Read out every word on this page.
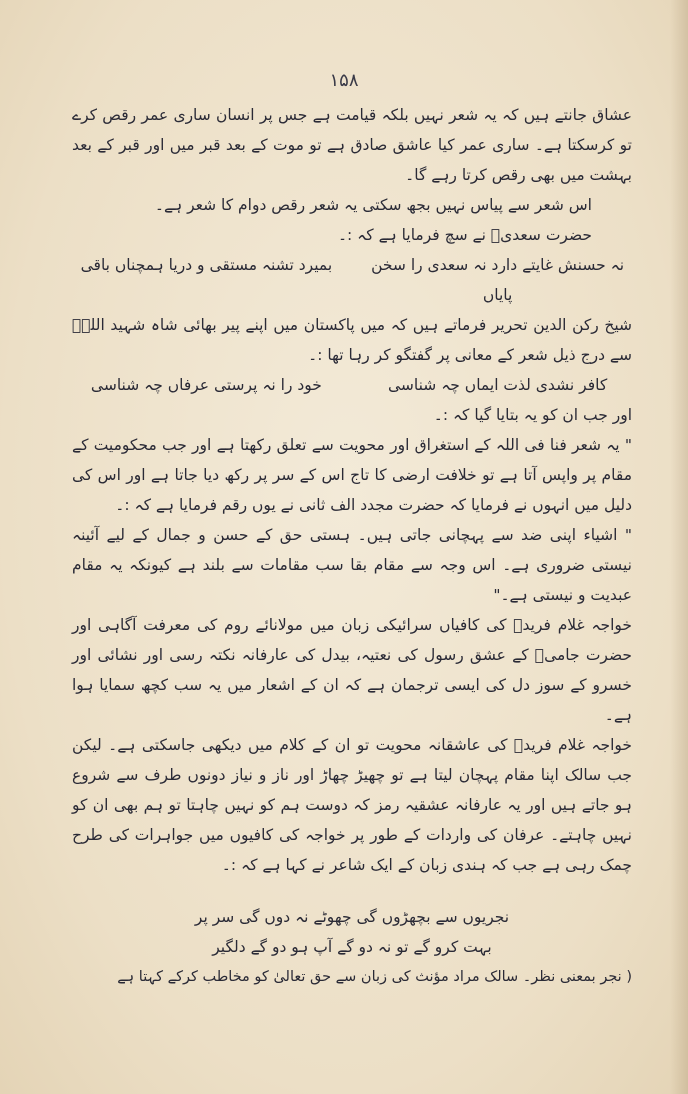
۱۵۸

عشاق جانتے ہیں کہ یہ شعر نہیں بلکہ قیامت ہے جس پر انسان ساری عمر رقص کرے تو کرسکتا ہے۔ ساری عمر کیا عاشق صادق ہے تو موت کے بعد قبر میں اور قبر کے بعد بہشت میں بھی رقص کرتا رہے گا۔

اس شعر سے پیاس نہیں بجھ سکتی یہ شعر رقص دوام کا شعر ہے۔

حضرت سعدیؒ نے سچ فرمایا ہے کہ :۔

نہ حسنش غایتے دارد نہ سعدی را سخن پایاں
بمیرد تشنہ مستقی و دریا ہمچناں باقی

شیخ رکن الدین تحریر فرماتے ہیں کہ میں پاکستان میں اپنے پیر بھائی شاہ شہید اللہؒ سے درج ذیل شعر کے معانی پر گفتگو کر رہا تھا :۔

کافر نشدی لذت ایماں چہ شناسی
خود را نہ پرستی عرفاں چہ شناسی

اور جب ان کو یہ بتایا گیا کہ :۔

" یہ شعر فنا فی اللہ کے استغراق اور محویت سے تعلق رکھتا ہے اور جب محکومیت کے مقام پر واپس آتا ہے تو خلافت ارضی کا تاج اس کے سر پر رکھ دیا جاتا ہے اور اس کی دلیل میں انہوں نے فرمایا کہ حضرت مجدد الف ثانی نے یوں رقم فرمایا ہے کہ :۔

" اشیاء اپنی ضد سے پہچانی جاتی ہیں۔ ہستی حق کے حسن و جمال کے لیے آئینہ نیستی ضروری ہے۔ اس وجہ سے مقام بقا سب مقامات سے بلند ہے کیونکہ یہ مقام عبدیت و نیستی ہے۔"

خواجہ غلام فریدؒ کی کافیاں سرائیکی زبان میں مولانائے روم کی معرفت آگاہی اور حضرت جامیؒ کے عشق رسول کی نعتیہ، بیدل کی عارفانہ نکتہ رسی اور نشائی اور خسرو کے سوز دل کی ایسی ترجمان ہے کہ ان کے اشعار میں یہ سب کچھ سمایا ہوا ہے۔

خواجہ غلام فریدؒ کی عاشقانہ محویت تو ان کے کلام میں دیکھی جاسکتی ہے۔ لیکن جب سالک اپنا مقام پہچان لیتا ہے تو چھیڑ چھاڑ اور ناز و نیاز دونوں طرف سے شروع ہو جاتے ہیں اور یہ عارفانہ عشقیہ رمز کہ دوست ہم کو نہیں چاہتا تو ہم بھی ان کو نہیں چاہتے۔ عرفان کی واردات کے طور پر خواجہ کی کافیوں میں جواہرات کی طرح چمک رہی ہے جب کہ ہندی زبان کے ایک شاعر نے کہا ہے کہ :۔

نجریوں سے بچھڑوں گی چھوٹے نہ دوں گی سر پر

بہت کرو گے تو نہ دو گے آپ ہو دو گے دلگیر

( نجر بمعنی نظر۔ سالک مراد مؤنث کی زبان سے حق تعالیٰ کو مخاطب کرکے کہتا ہے
